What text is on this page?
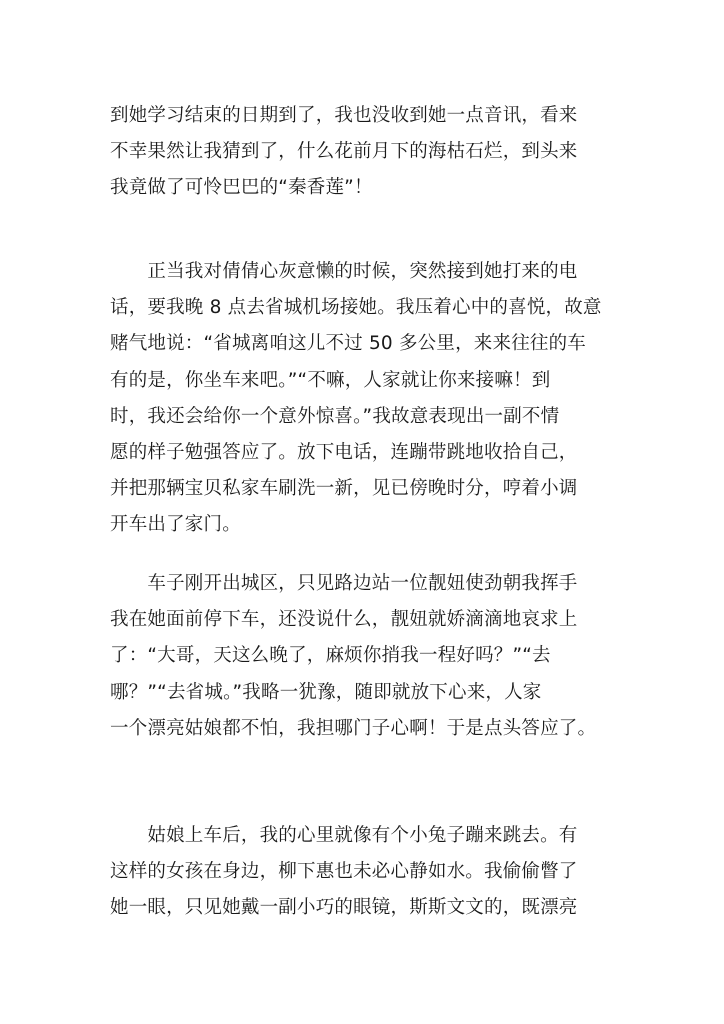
到她学习结束的日期到了，我也没收到她一点音讯，看来
不幸果然让我猜到了，什么花前月下的海枯石烂，到头来
我竟做了可怜巴巴的“秦香莲”！
　　正当我对倩倩心灰意懒的时候，突然接到她打来的电
话，要我晚 8 点去省城机场接她。我压着心中的喜悦，故意
赌气地说：“省城离咱这儿不过 50 多公里，来来往往的车
有的是，你坐车来吧。”“不嘛，人家就让你来接嘛！到
时，我还会给你一个意外惊喜。”我故意表现出一副不情
愿的样子勉强答应了。放下电话，连蹦带跳地收拾自己，
并把那辆宝贝私家车刷洗一新，见已傍晚时分，哼着小调
开车出了家门。
　　车子刚开出城区，只见路边站一位靓妞使劲朝我挥手
我在她面前停下车，还没说什么，靓妞就娇滴滴地哀求上
了：“大哥，天这么晚了，麻烦你捎我一程好吗？”“去
哪？”“去省城。”我略一犹豫，随即就放下心来，人家
一个漂亮姑娘都不怕，我担哪门子心啊！于是点头答应了。
　　姑娘上车后，我的心里就像有个小兔子蹦来跳去。有
这样的女孩在身边，柳下惠也未必心静如水。我偷偷瞥了
她一眼，只见她戴一副小巧的眼镜，斯斯文文的，既漂亮
